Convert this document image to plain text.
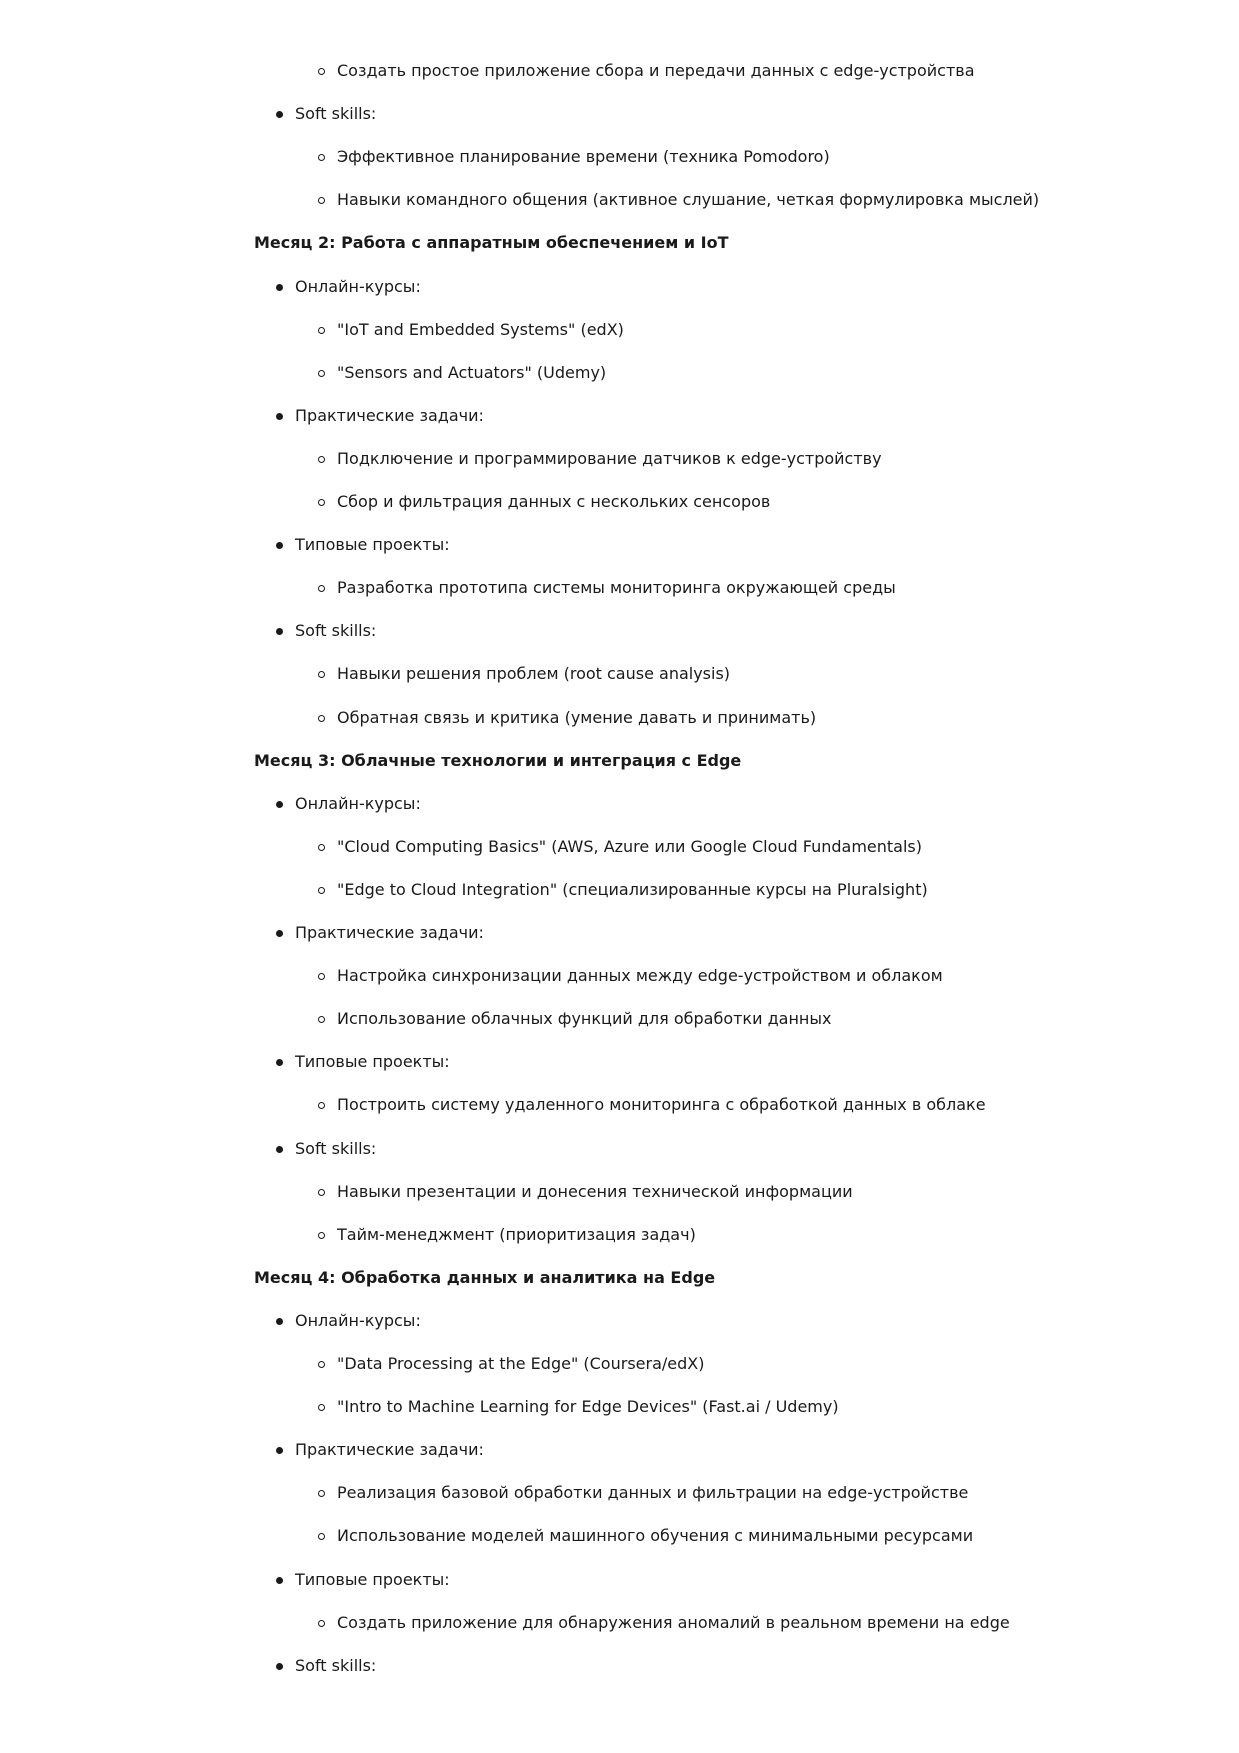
Создать простое приложение сбора и передачи данных с edge-устройства
Soft skills:
Эффективное планирование времени (техника Pomodoro)
Навыки командного общения (активное слушание, четкая формулировка мыслей)
Месяц 2: Работа с аппаратным обеспечением и IoT
Онлайн-курсы:
"IoT and Embedded Systems" (edX)
"Sensors and Actuators" (Udemy)
Практические задачи:
Подключение и программирование датчиков к edge-устройству
Сбор и фильтрация данных с нескольких сенсоров
Типовые проекты:
Разработка прототипа системы мониторинга окружающей среды
Soft skills:
Навыки решения проблем (root cause analysis)
Обратная связь и критика (умение давать и принимать)
Месяц 3: Облачные технологии и интеграция с Edge
Онлайн-курсы:
"Cloud Computing Basics" (AWS, Azure или Google Cloud Fundamentals)
"Edge to Cloud Integration" (специализированные курсы на Pluralsight)
Практические задачи:
Настройка синхронизации данных между edge-устройством и облаком
Использование облачных функций для обработки данных
Типовые проекты:
Построить систему удаленного мониторинга с обработкой данных в облаке
Soft skills:
Навыки презентации и донесения технической информации
Тайм-менеджмент (приоритизация задач)
Месяц 4: Обработка данных и аналитика на Edge
Онлайн-курсы:
"Data Processing at the Edge" (Coursera/edX)
"Intro to Machine Learning for Edge Devices" (Fast.ai / Udemy)
Практические задачи:
Реализация базовой обработки данных и фильтрации на edge-устройстве
Использование моделей машинного обучения с минимальными ресурсами
Типовые проекты:
Создать приложение для обнаружения аномалий в реальном времени на edge
Soft skills:
